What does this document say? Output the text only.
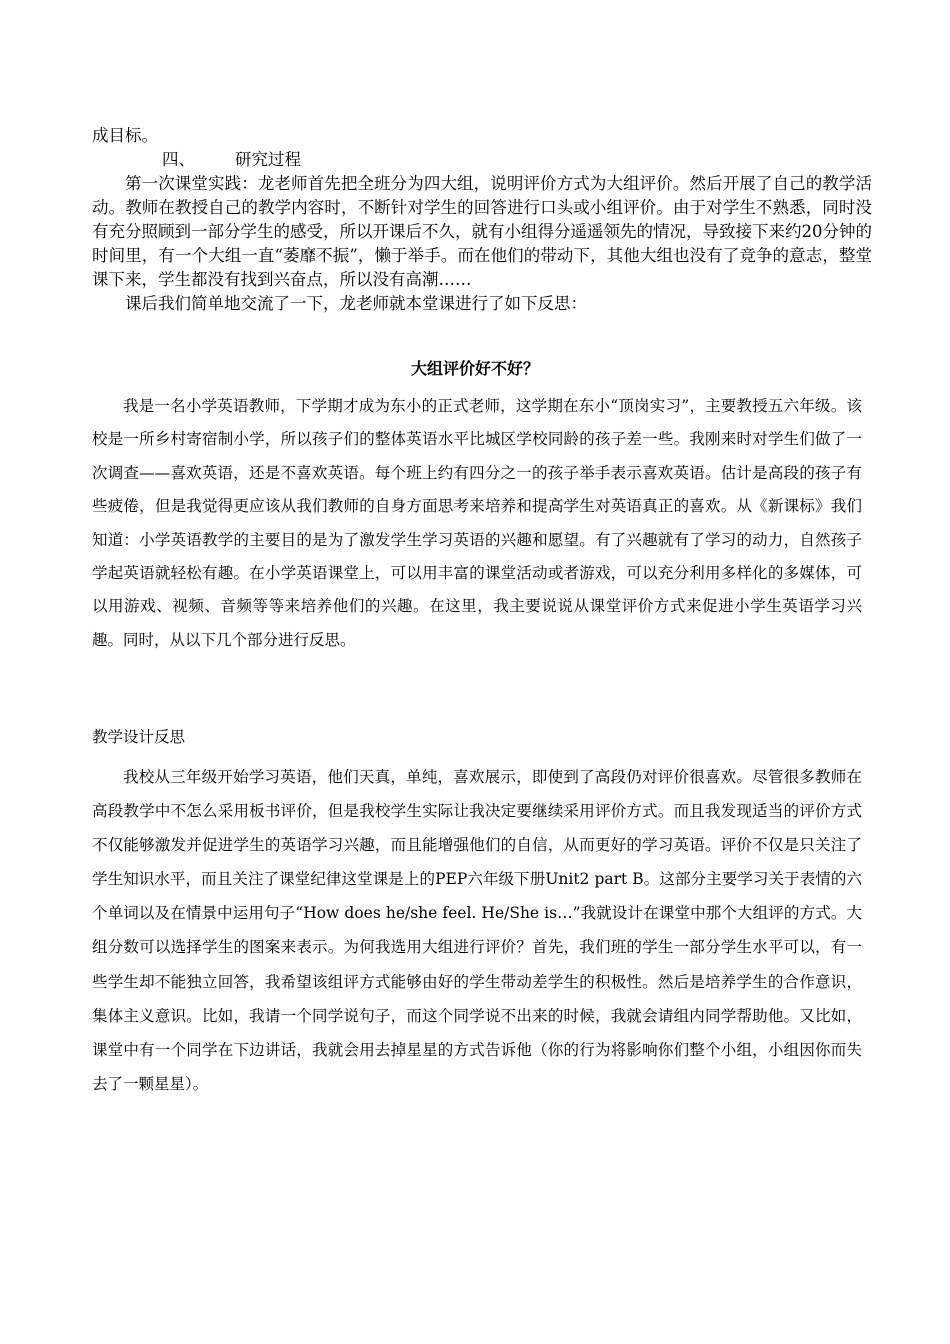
成目标。

四、 研究过程

第一次课堂实践：龙老师首先把全班分为四大组，说明评价方式为大组评价。然后开展了自己的教学活动。教师在教授自己的教学内容时，不断针对学生的回答进行口头或小组评价。由于对学生不熟悉，同时没有充分照顾到一部分学生的感受，所以开课后不久，就有小组得分遥遥领先的情况，导致接下来约20分钟的时间里，有一个大组一直“萎靡不振”，懒于举手。而在他们的带动下，其他大组也没有了竞争的意志，整堂课下来，学生都没有找到兴奋点，所以没有高潮……

课后我们简单地交流了一下，龙老师就本堂课进行了如下反思：

大组评价好不好？

我是一名小学英语教师，下学期才成为东小的正式老师，这学期在东小“顶岗实习”，主要教授五六年级。该校是一所乡村寄宿制小学，所以孩子们的整体英语水平比城区学校同龄的孩子差一些。我刚来时对学生们做了一次调查——喜欢英语，还是不喜欢英语。每个班上约有四分之一的孩子举手表示喜欢英语。估计是高段的孩子有些疲倦，但是我觉得更应该从我们教师的自身方面思考来培养和提高学生对英语真正的喜欢。从《新课标》我们知道：小学英语教学的主要目的是为了激发学生学习英语的兴趣和愿望。有了兴趣就有了学习的动力，自然孩子学起英语就轻松有趣。在小学英语课堂上，可以用丰富的课堂活动或者游戏，可以充分利用多样化的多媒体，可以用游戏、视频、音频等等来培养他们的兴趣。在这里，我主要说说从课堂评价方式来促进小学生英语学习兴趣。同时，从以下几个部分进行反思。

教学设计反思

我校从三年级开始学习英语，他们天真，单纯，喜欢展示，即使到了高段仍对评价很喜欢。尽管很多教师在高段教学中不怎么采用板书评价，但是我校学生实际让我决定要继续采用评价方式。而且我发现适当的评价方式不仅能够激发并促进学生的英语学习兴趣，而且能增强他们的自信，从而更好的学习英语。评价不仅是只关注了学生知识水平，而且关注了课堂纪律这堂课是上的PEP六年级下册Unit2 part B。这部分主要学习关于表情的六个单词以及在情景中运用句子“How does he/she feel. He/She is…”我就设计在课堂中那个大组评的方式。大组分数可以选择学生的图案来表示。为何我选用大组进行评价？首先，我们班的学生一部分学生水平可以，有一些学生却不能独立回答，我希望该组评方式能够由好的学生带动差学生的积极性。然后是培养学生的合作意识，集体主义意识。比如，我请一个同学说句子，而这个同学说不出来的时候，我就会请组内同学帮助他。又比如，课堂中有一个同学在下边讲话，我就会用去掉星星的方式告诉他（你的行为将影响你们整个小组，小组因你而失去了一颗星星）。
